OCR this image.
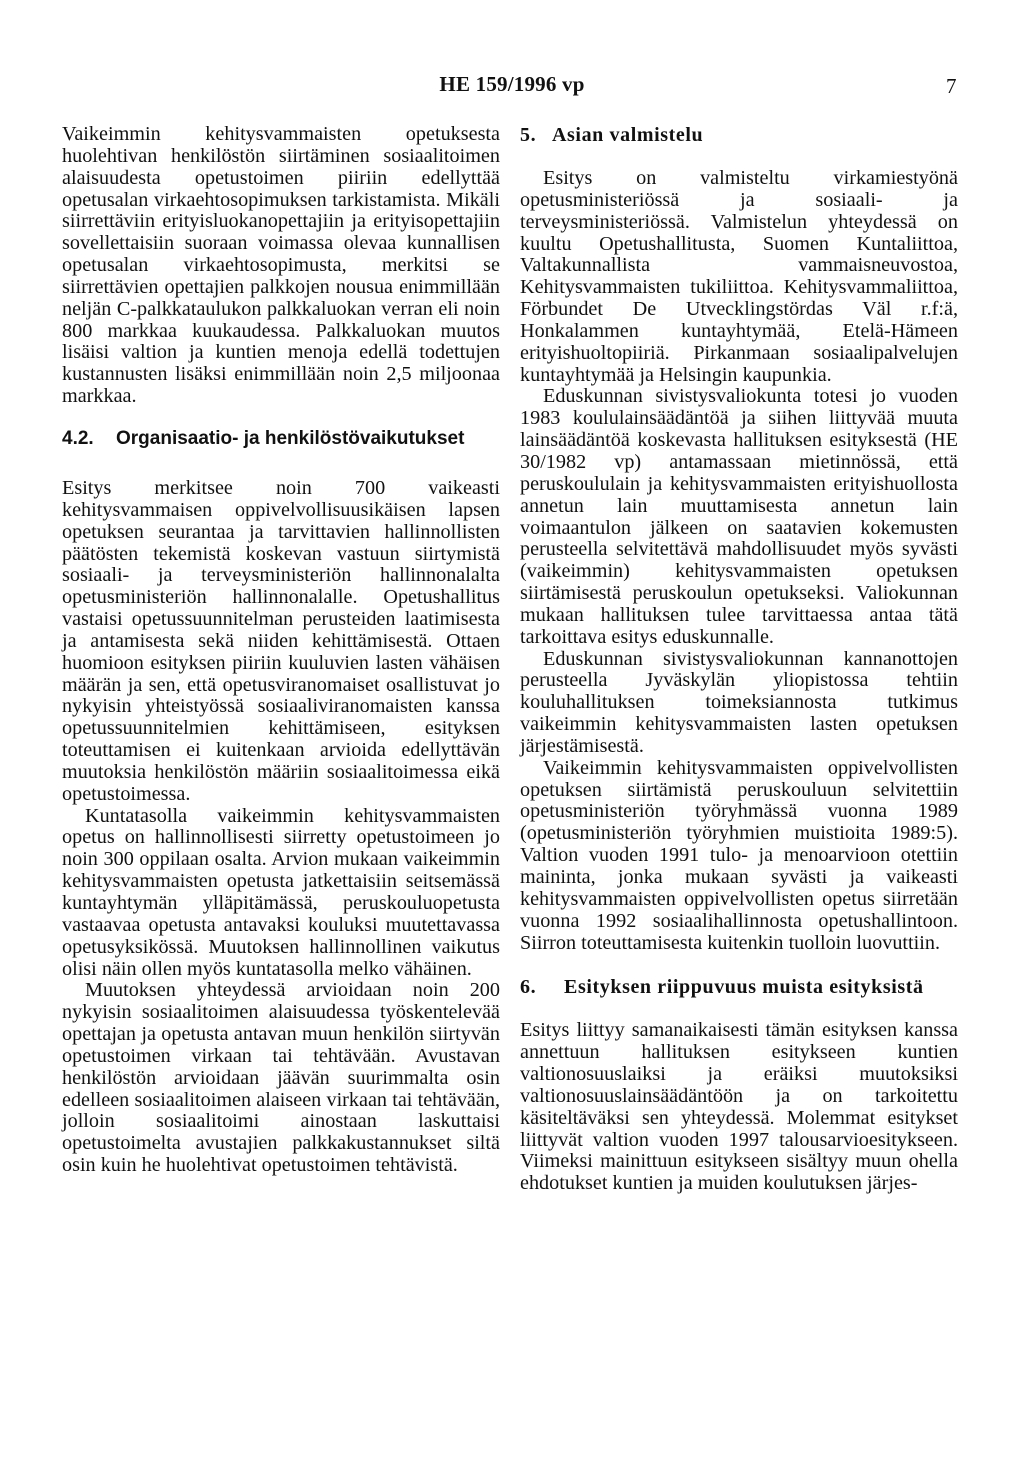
HE 159/1996 vp	7

Vaikeimmin kehitysvammaisten opetuksesta huolehtivan henkilöstön siirtäminen sosiaalitoimen alaisuudesta opetustoimen piiriin edellyttää opetusalan virkaehtosopimuksen tarkistamista. Mikäli siirrettäviin erityisluokanopettajiin ja erityisopettajiin sovellettaisiin suoraan voimassa olevaa kunnallisen opetusalan virkaehtosopimusta, merkitsi se siirrettävien opettajien palkkojen nousua enimmillään neljän C-palkkataulukon palkkaluokan verran eli noin 800 markkaa kuukaudessa. Palkkaluokan muutos lisäisi valtion ja kuntien menoja edellä todettujen kustannusten lisäksi enimmillään noin 2,5 miljoonaa markkaa.

4.2.	Organisaatio- ja henkilöstövaikutukset

Esitys merkitsee noin 700 vaikeasti kehitysvammaisen oppivelvollisuusikäisen lapsen opetuksen seurantaa ja tarvittavien hallinnollisten päätösten tekemistä koskevan vastuun siirtymistä sosiaali- ja terveysministeriön hallinnonalalta opetusministeriön hallinnonalalle. Opetushallitus vastaisi opetussuunnitelman perusteiden laatimisesta ja antamisesta sekä niiden kehittämisestä. Ottaen huomioon esityksen piiriin kuuluvien lasten vähäisen määrän ja sen, että opetusviranomaiset osallistuvat jo nykyisin yhteistyössä sosiaaliviranomaisten kanssa opetussuunnitelmien kehittämiseen, esityksen toteuttamisen ei kuitenkaan arvioida edellyttävän muutoksia henkilöstön määriin sosiaalitoimessa eikä opetustoimessa.

Kuntatasolla vaikeimmin kehitysvammaisten opetus on hallinnollisesti siirretty opetustoimeen jo noin 300 oppilaan osalta. Arvion mukaan vaikeimmin kehitysvammaisten opetusta jatkettaisiin seitsemässä kuntayhtymän ylläpitämässä, peruskouluopetusta vastaavaa opetusta antavaksi kouluksi muutettavassa opetusyksikössä. Muutoksen hallinnollinen vaikutus olisi näin ollen myös kuntatasolla melko vähäinen.

Muutoksen yhteydessä arvioidaan noin 200 nykyisin sosiaalitoimen alaisuudessa työskentelevää opettajan ja opetusta antavan muun henkilön siirtyvän opetustoimen virkaan tai tehtävään. Avustavan henkilöstön arvioidaan jäävän suurimmalta osin edelleen sosiaalitoimen alaiseen virkaan tai tehtävään, jolloin sosiaalitoimi ainostaan laskuttaisi opetustoimelta avustajien palkkakustannukset siltä osin kuin he huolehtivat opetustoimen tehtävistä.

5. Asian valmistelu

Esitys on valmisteltu virkamiestyönä opetusministeriössä ja sosiaali- ja terveysministeriössä. Valmistelun yhteydessä on kuultu Opetushallitusta, Suomen Kuntaliittoa, Valtakunnallista vammaisneuvostoa, Kehitysvammaisten tukiliittoa. Kehitysvammaliittoa, Förbundet De Utvecklingstördas Väl r.f:ä, Honkalammen kuntayhtymää, Etelä-Hämeen erityishuoltopiiriä. Pirkanmaan sosiaalipalvelujen kuntayhtymää ja Helsingin kaupunkia.

Eduskunnan sivistysvaliokunta totesi jo vuoden 1983 koululainsäädäntöä ja siihen liittyvää muuta lainsäädäntöä koskevasta hallituksen esityksestä (HE 30/1982 vp) antamassaan mietinnössä, että peruskoululain ja kehitysvammaisten erityishuollosta annetun lain muuttamisesta annetun lain voimaantulon jälkeen on saatavien kokemusten perusteella selvitettävä mahdollisuudet myös syvästi (vaikeimmin) kehitysvammaisten opetuksen siirtämisestä peruskoulun opetukseksi. Valiokunnan mukaan hallituksen tulee tarvittaessa antaa tätä tarkoittava esitys eduskunnalle.

Eduskunnan sivistysvaliokunnan kannanottojen perusteella Jyväskylän yliopistossa tehtiin kouluhallituksen toimeksiannosta tutkimus vaikeimmin kehitysvammaisten lasten opetuksen järjestämisestä.

Vaikeimmin kehitysvammaisten oppivelvollisten opetuksen siirtämistä peruskouluun selvitettiin opetusministeriön työryhmässä vuonna 1989 (opetusministeriön työryhmien muistioita 1989:5). Valtion vuoden 1991 tulo- ja menoarvioon otettiin maininta, jonka mukaan syvästi ja vaikeasti kehitysvammaisten oppivelvollisten opetus siirretään vuonna 1992 sosiaalihallinnosta opetushallintoon. Siirron toteuttamisesta kuitenkin tuolloin luovuttiin.

6.	Esityksen riippuvuus muista esityksistä

Esitys liittyy samanaikaisesti tämän esityksen kanssa annettuun hallituksen esitykseen kuntien valtionosuuslaiksi ja eräiksi muutoksiksi valtionosuuslainsäädäntöön ja on tarkoitettu käsiteltäväksi sen yhteydessä. Molemmat esitykset liittyvät valtion vuoden 1997 talousarvioesitykseen. Viimeksi mainittuun esitykseen sisältyy muun ohella ehdotukset kuntien ja muiden koulutuksen järjes-
